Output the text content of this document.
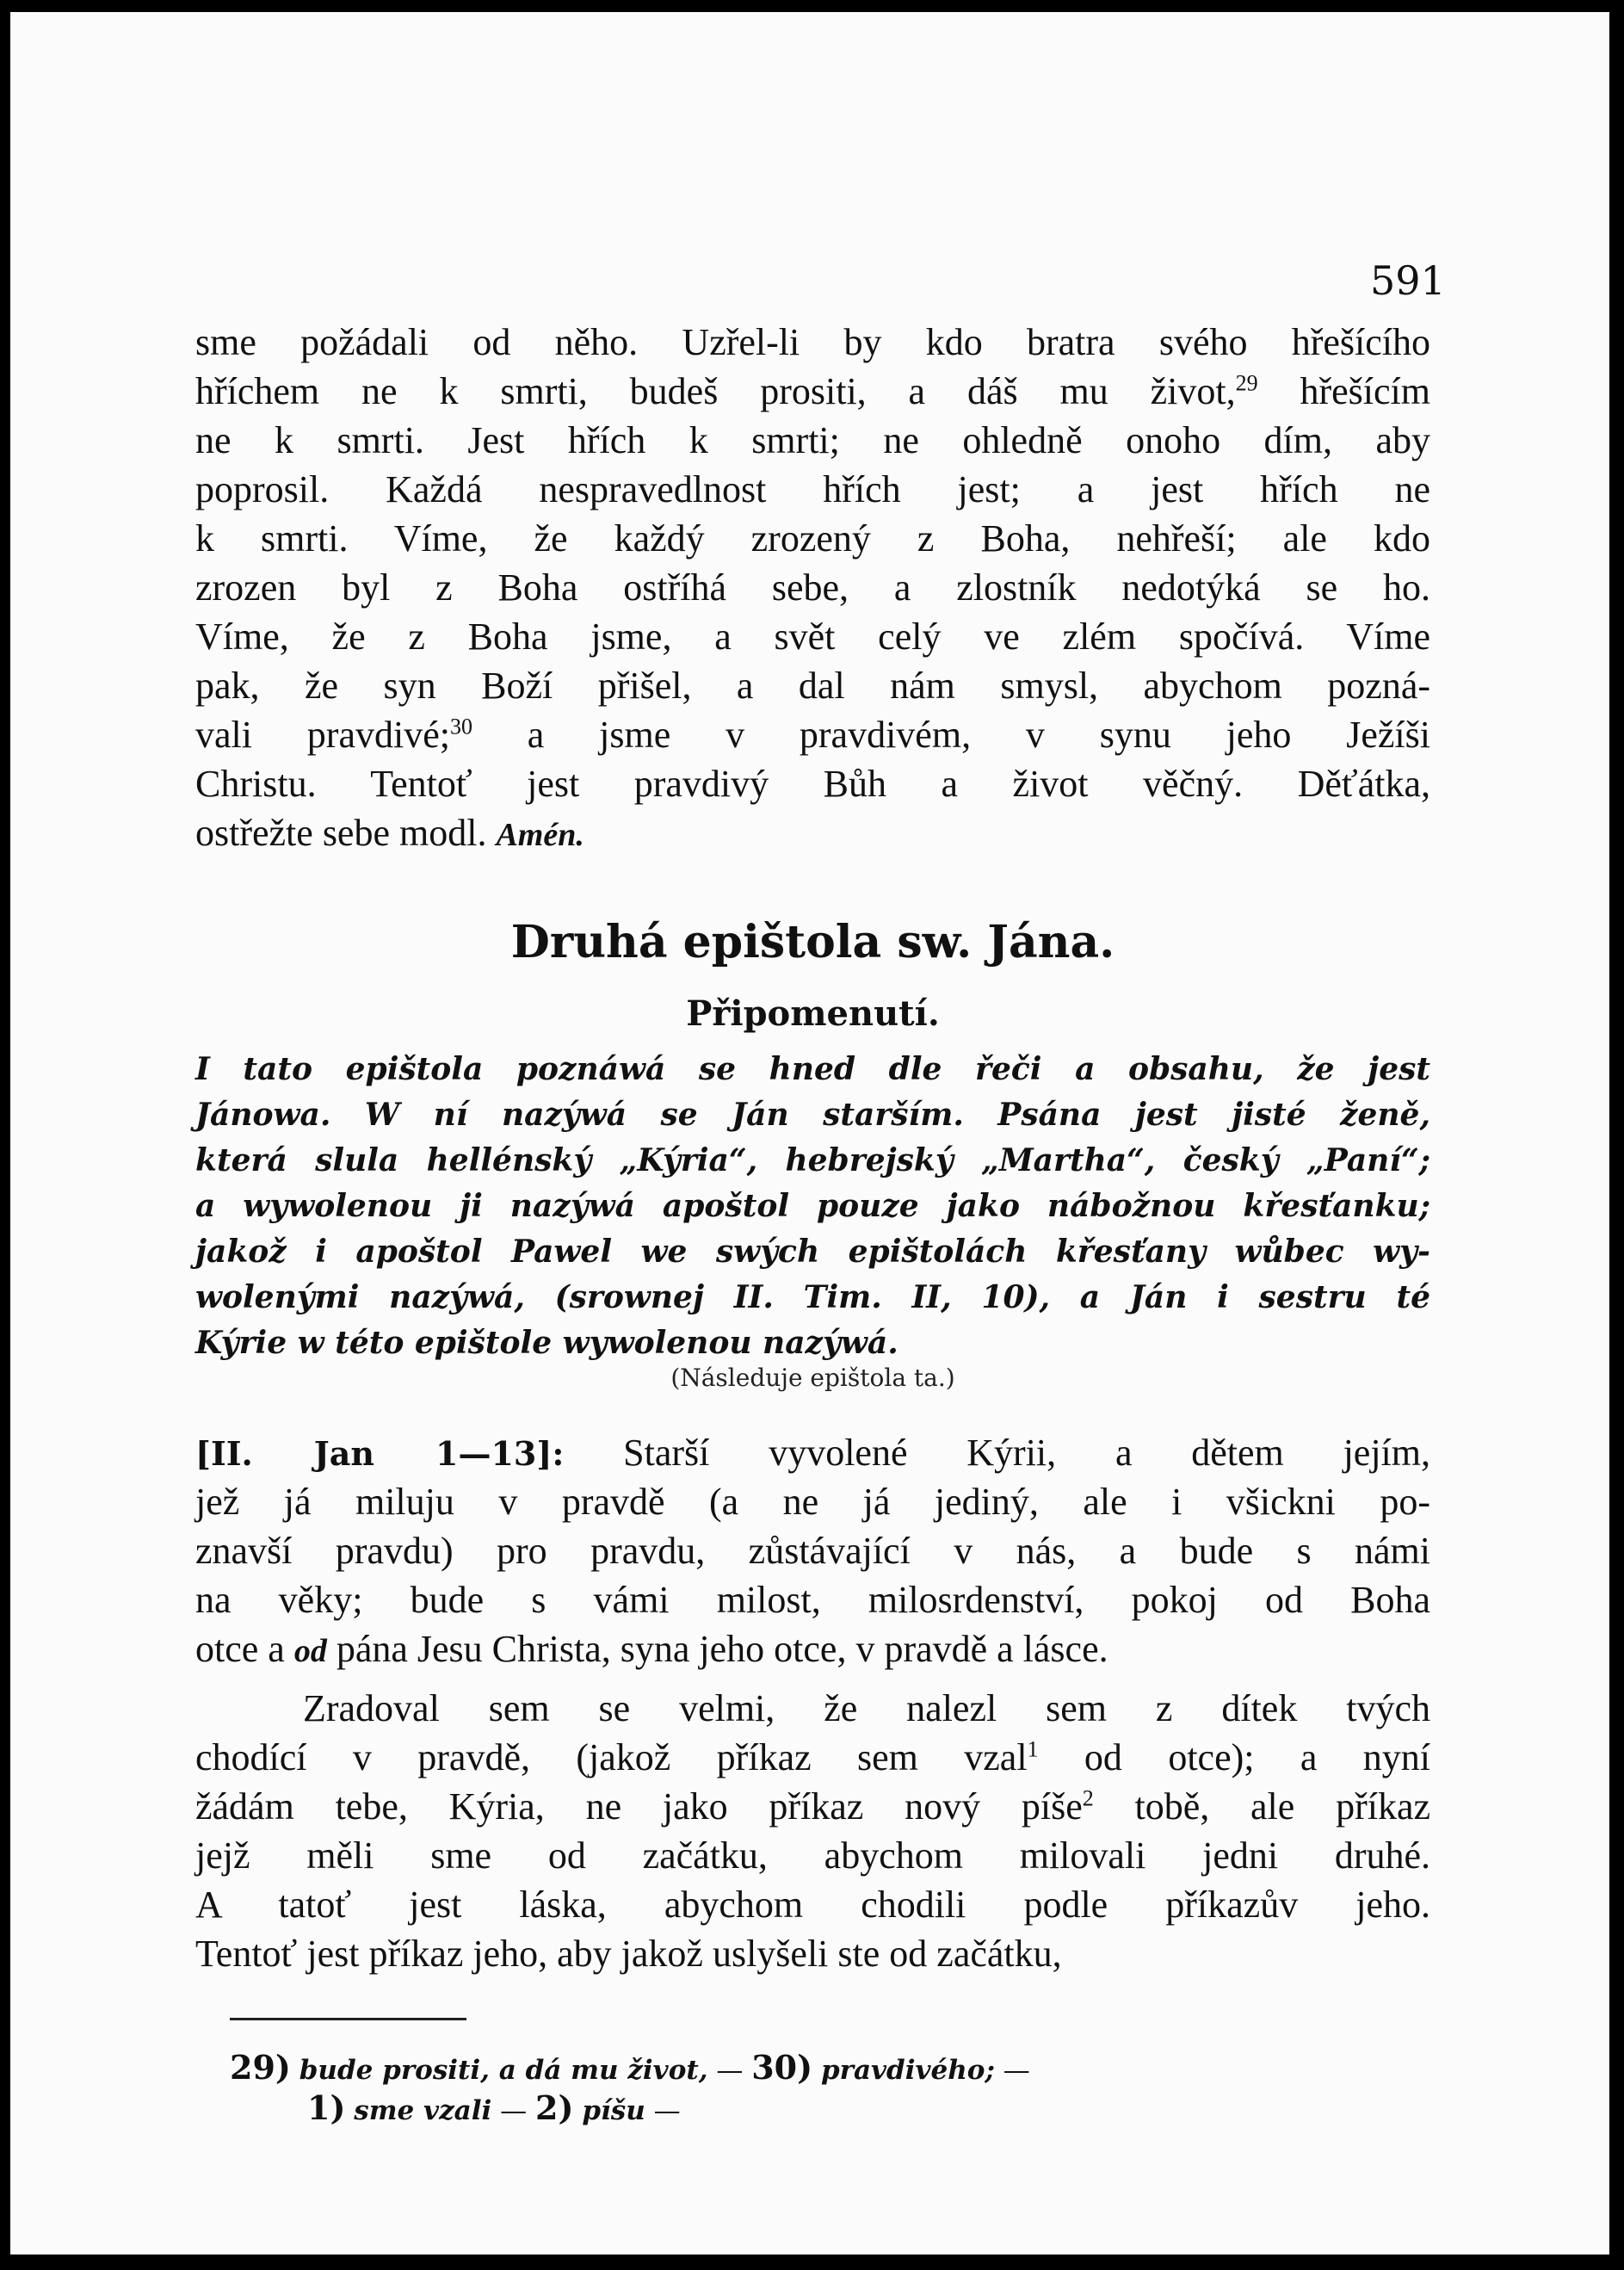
591
sme požádali od něho. Uzřel-li by kdo bratra svého hřešícího
hříchem ne k smrti, budeš prositi, a dáš mu život,$^{29}$ hřešícím
ne k smrti. Jest hřích k smrti; ne ohledně onoho dím, aby
poprosil. Každá nespravedlnost hřích jest; a jest hřích ne
k smrti. Víme, že každý zrozený z Boha, nehřeší; ale kdo
zrozen byl z Boha ostříhá sebe, a zlostník nedotýká se ho.
Víme, že z Boha jsme, a svět celý ve zlém spočívá. Víme
pak, že syn Boží přišel, a dal nám smysl, abychom pozná-
vali pravdivé;$^{30}$ a jsme v pravdivém, v synu jeho Ježíši
Christu. Tentoť jest pravdivý Bůh a život věčný. Děťátka,
ostřežte sebe modl. Amén.
Druhá epištola sw. Jána.
Připomenutí.
I tato epištola poznáwá se hned dle řeči a obsahu, že jest
Jánowa. W ní nazýwá se Ján starším. Psána jest jisté ženě,
která slula hellénský „Kýria“, hebrejský „Martha“, český „Paní“;
a wywolenou ji nazýwá apoštol pouze jako nábožnou křesťanku;
jakož i apoštol Pawel we swých epištolách křesťany wůbec wy-
wolenými nazýwá, (srownej II. Tim. II, 10), a Ján i sestru té
Kýrie w této epištole wywolenou nazýwá.
(Následuje epištola ta.)
[II. Jan 1—13]: Starší vyvolené Kýrii, a dětem jejím,
jež já miluju v pravdě (a ne já jediný, ale i všickni po-
znavší pravdu) pro pravdu, zůstávající v nás, a bude s námi
na věky; bude s vámi milost, milosrdenství, pokoj od Boha
otce a od pána Jesu Christa, syna jeho otce, v pravdě a lásce.
Zradoval sem se velmi, že nalezl sem z dítek tvých
chodící v pravdě, (jakož příkaz sem vzal$^1$ od otce); a nyní
žádám tebe, Kýria, ne jako příkaz nový píše$^2$ tobě, ale příkaz
jejž měli sme od začátku, abychom milovali jedni druhé.
A tatoť jest láska, abychom chodili podle příkazův jeho.
Tentoť jest příkaz jeho, aby jakož uslyšeli ste od začátku,
29) bude prositi, a dá mu život, — 30) pravdivého; —
1) sme vzali — 2) píšu —
